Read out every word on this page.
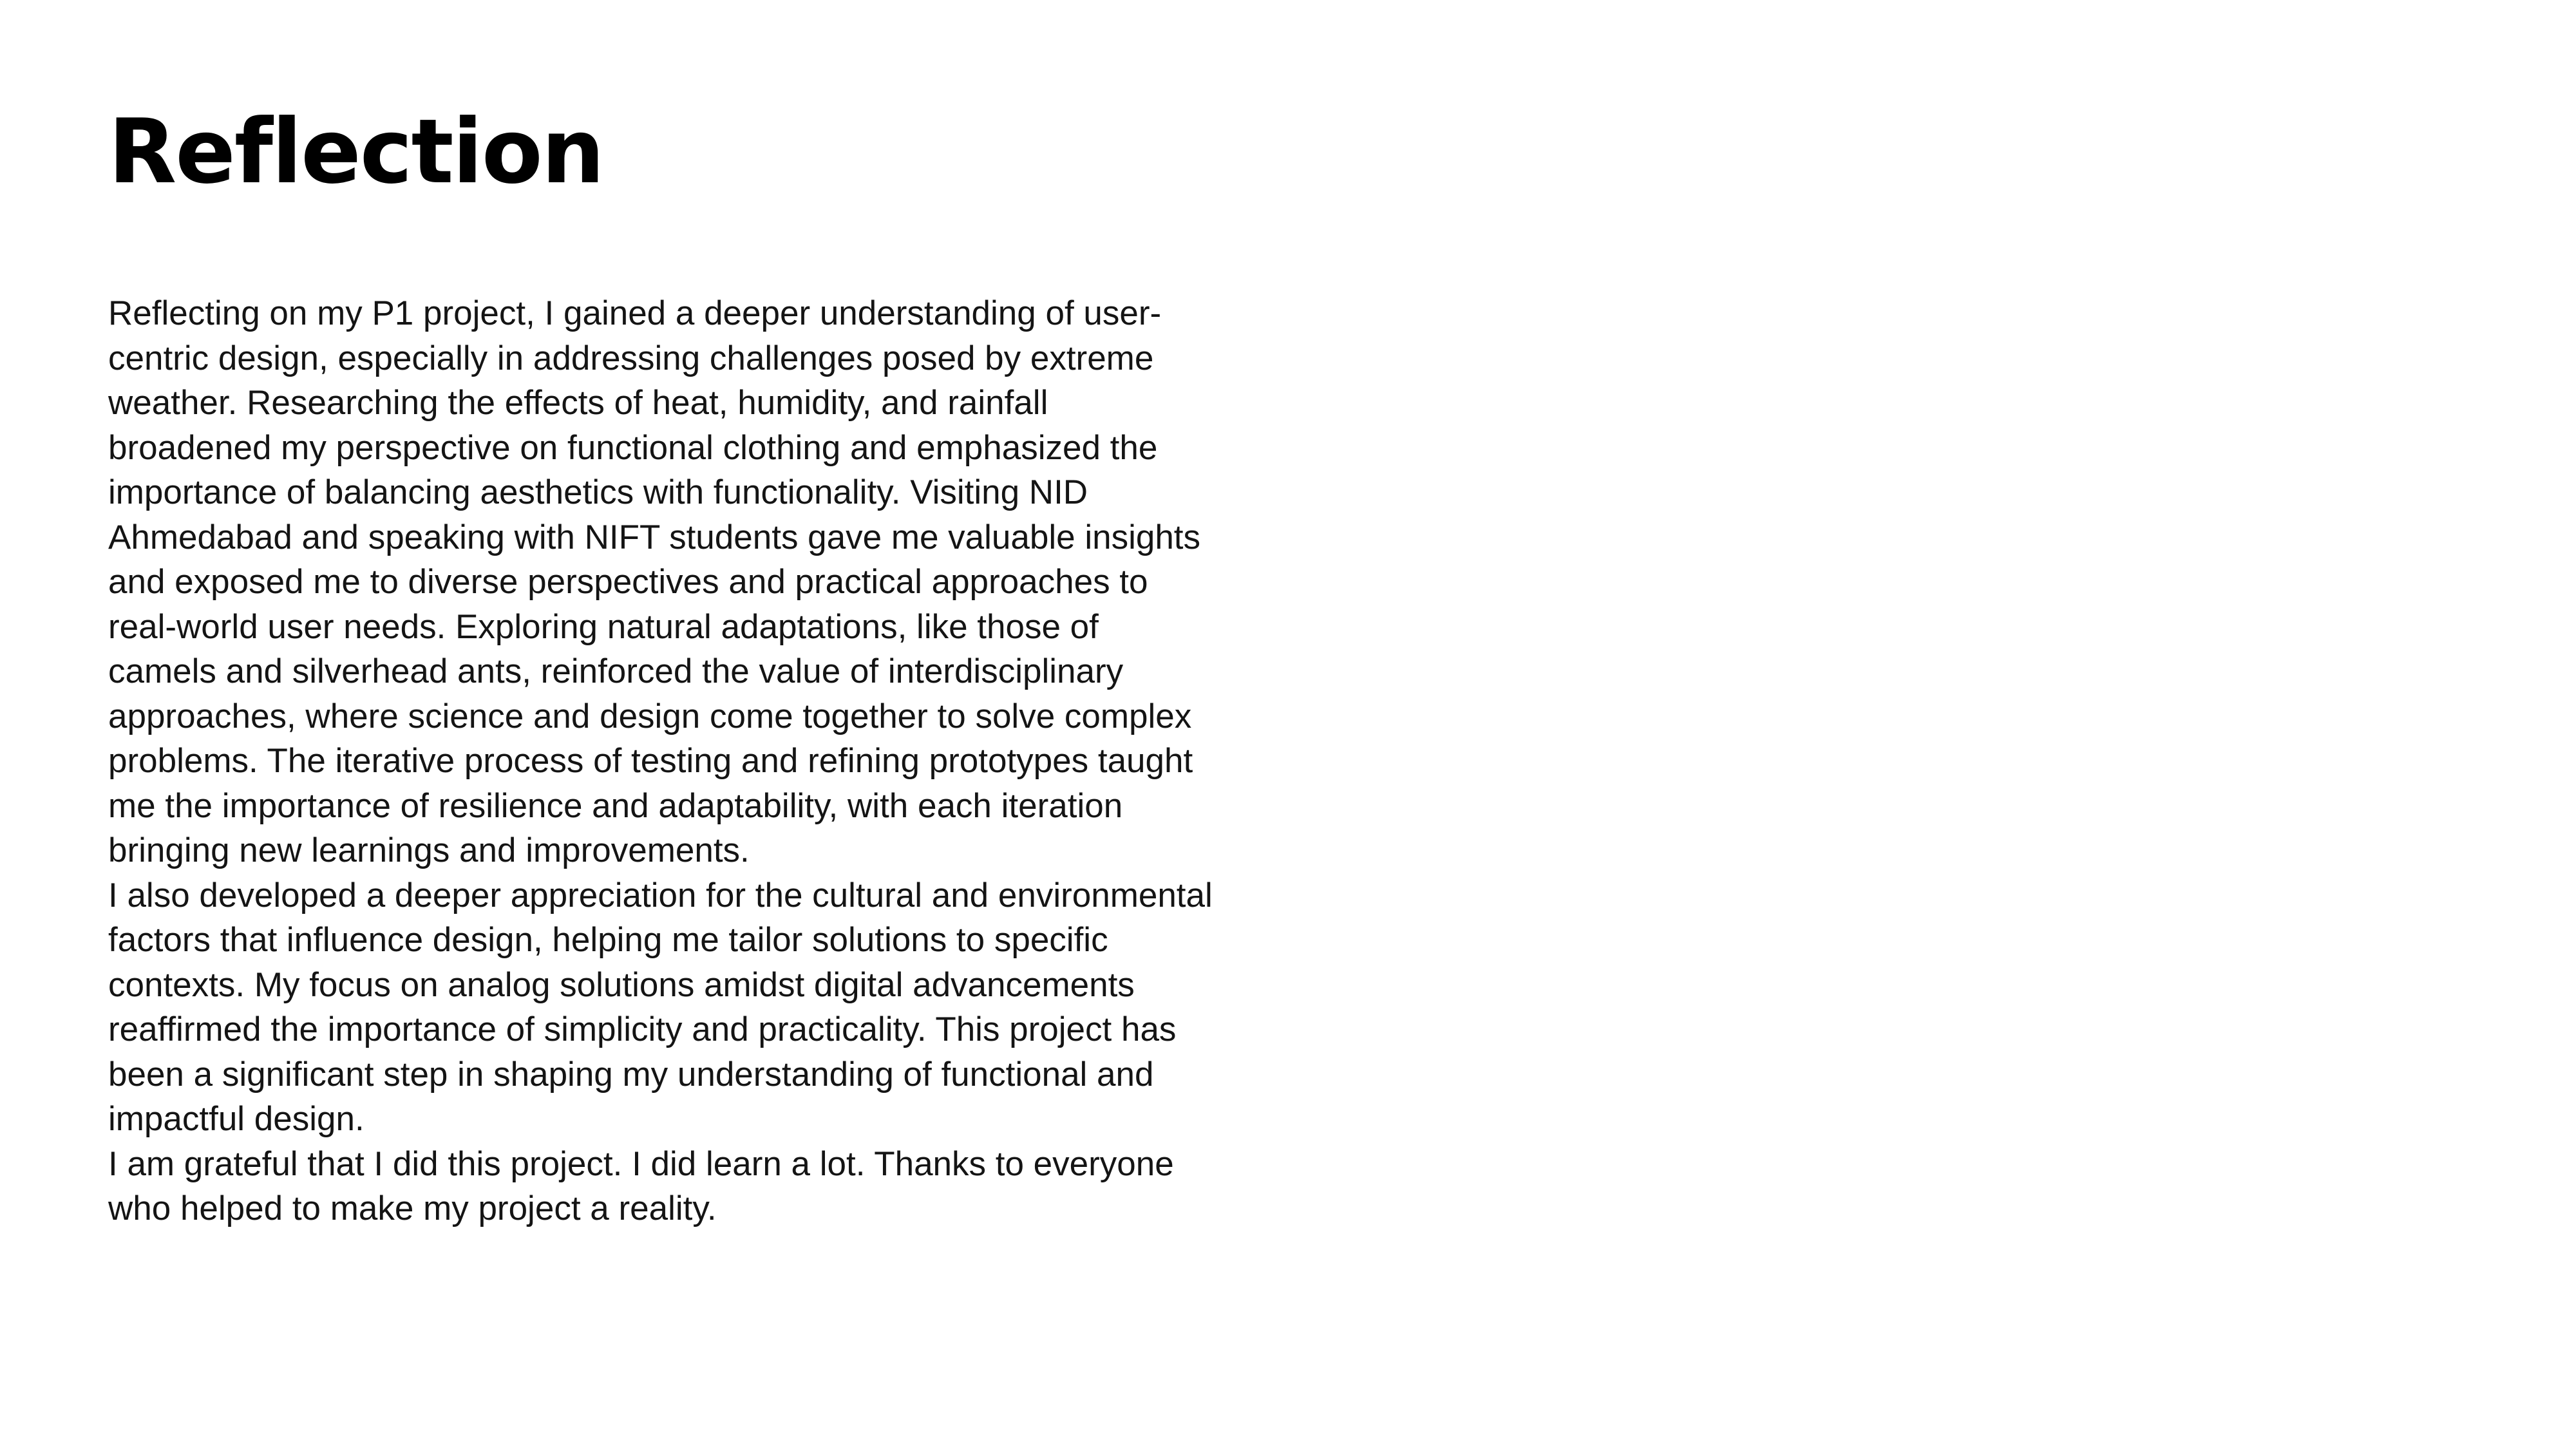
Reflection

Reflecting on my P1 project, I gained a deeper understanding of user-centric design, especially in addressing challenges posed by extreme weather. Researching the effects of heat, humidity, and rainfall broadened my perspective on functional clothing and emphasized the importance of balancing aesthetics with functionality. Visiting NID Ahmedabad and speaking with NIFT students gave me valuable insights and exposed me to diverse perspectives and practical approaches to real-world user needs. Exploring natural adaptations, like those of camels and silverhead ants, reinforced the value of interdisciplinary approaches, where science and design come together to solve complex problems. The iterative process of testing and refining prototypes taught me the importance of resilience and adaptability, with each iteration bringing new learnings and improvements.

I also developed a deeper appreciation for the cultural and environmental factors that influence design, helping me tailor solutions to specific contexts. My focus on analog solutions amidst digital advancements reaffirmed the importance of simplicity and practicality. This project has been a significant step in shaping my understanding of functional and impactful design.

I am grateful that I did this project. I did learn a lot. Thanks to everyone who helped to make my project a reality.
